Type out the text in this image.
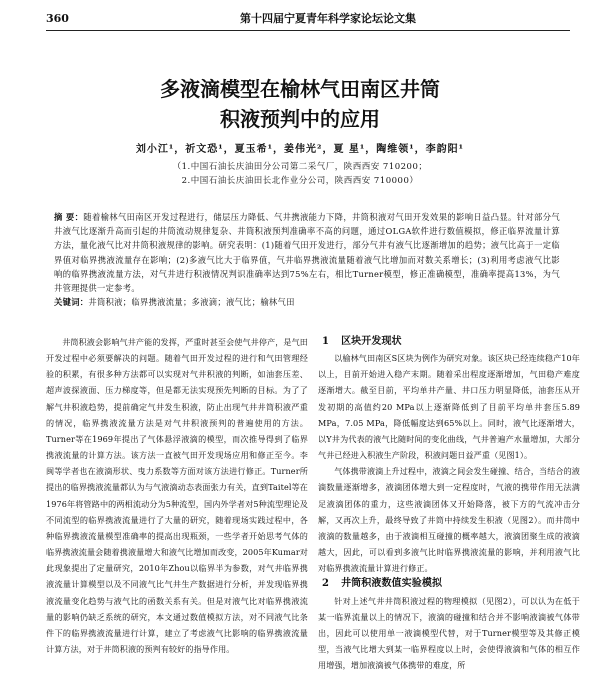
360	第十四届宁夏青年科学家论坛论文集
多液滴模型在榆林气田南区井筒
积液预判中的应用
刘小江¹，祈文恐¹，夏玉希¹，姜伟光²，夏 星¹，陶维领¹，李韵阳¹
（1.中国石油长庆油田分公司第二采气厂，陕西西安 710200；
2.中国石油长庆油田长北作业分公司，陕西西安 710000）
摘 要：随着榆林气田南区开发过程进行，储层压力降低、气井携液能力下降，井筒积液对气田开发效果的影响日益凸显。针对部分气井液气比逐渐升高而引起的井筒流动规律复杂、井筒积液预判准确率不高的问题，通过OLGA软件进行数值模拟，修正临界流量计算方法，量化液气比对井筒积液规律的影响。研究表明：(1)随着气田开发进行，部分气井有液气比逐渐增加的趋势；液气比高于一定临界值对临界携液流量存在影响；(2)多液气比大于临界值，气井临界携液流量随着液气比增加而对数关系增长；(3)利用考虑液气比影响的临界携液流量方法，对气井进行积液情况判识准确率达到75%左右，相比Turner模型，修正准确模型，准确率提高13%，为气井管理提供一定参考。
关键词：井筒积液；临界携液流量；多液滴；液气比；榆林气田

井筒积液会影响气井产能的发挥，严重时甚至会使气井停产，是气田开发过程中必须要解决的问题。随着气田开发过程的进行和气田管理经验的积累，有很多种方法都可以实现对气井积液的判断，如油套压差、超声波探液面、压力梯度等，但是都无法实现预先判断的目标。为了了解气井积液趋势，提前确定气井发生积液，防止出现气井井筒积液严重的情况，临界携液流量方法是对气井积液预判的普遍使用的方法。Turner等在1969年提出了气体悬浮液滴的模型，而次推导得到了临界携液流量的计算方法。该方法一直被气田开发现场应用和修正至今。李闽等学者也在液滴形状、曳力系数等方面对该方法进行修正。Turner所提出的临界携液流量都认为与气液滴动态表面张力有关，直到Taitel等在1976年将管路中的两相流动分为5种流型，国内外学者对5种流型理论及不同流型的临界携液流量进行了大量的研究，随着现场实践过程中，各种临界携液流量模型准确率的提高出现瓶颈，一些学者开始思考气体的临界携液流量会随着携液量增大和液气比增加而改变，2005年Kumar对此现象提出了定量研究，2010年Zhou以临界半为参数，对气井临界携液流量计算模型以及不同液气比气井生产数据进行分析，并发现临界携液流量变化趋势与液气比的函数关系有关。但是对液气比对临界携液流量的影响仍缺乏系统的研究，本文通过数值模拟方法，对不同液气比条件下的临界携液流量进行计算，建立了考虑液气比影响的临界携液流量计算方法，对于井筒积液的预判有较好的指导作用。

1 区块开发现状

以榆林气田南区S区块为例作为研究对象。该区块已经连续稳产10年以上，目前开始进入稳产末期。随着采出程度逐渐增加，气田稳产难度逐渐增大。截至目前，平均单井产量、井口压力明显降低，油套压从开发初期的高值约20 MPa以上逐渐降低到了目前平均单井套压5.89 MPa，7.05 MPa，降低幅度达到65%以上。同时，液气比逐渐增大，以Y井为代表的液气比随时间的变化曲线，气井普遍产水量增加，大部分气井已经进入积液生产阶段，积液问题日益严重（见图1）。

气体携带液滴上升过程中，液滴之间会发生碰撞、结合，当结合的液滴数量逐渐增多，液滴团体增大到一定程度时，气液的携带作用无法满足液滴团体的重力，这些液滴团体又开始降落，被下方的气流冲击分解，又再次上升，最终导致了井筒中持续发生积液（见图2）。而井筒中液滴的数量越多，由于液滴相互碰撞的概率越大，液滴团聚生成的液滴越大，因此，可以看到多液气比时临界携液流量的影响，并利用液气比对临界携液流量计算进行修正。

2 井筒积液数值实验模拟

针对上述气井井筒积液过程的物理模拟（见图2），可以认为在低于某一临界流量以上的情况下，液滴的碰撞和结合并不影响液滴被气体带出，因此可以使用单一液滴模型代替，对于Turner模型等及其修正模型，当液气比增大到某一临界程度以上时，会使得液滴和气体的相互作用增强，增加液滴被气体携带的难度，所
